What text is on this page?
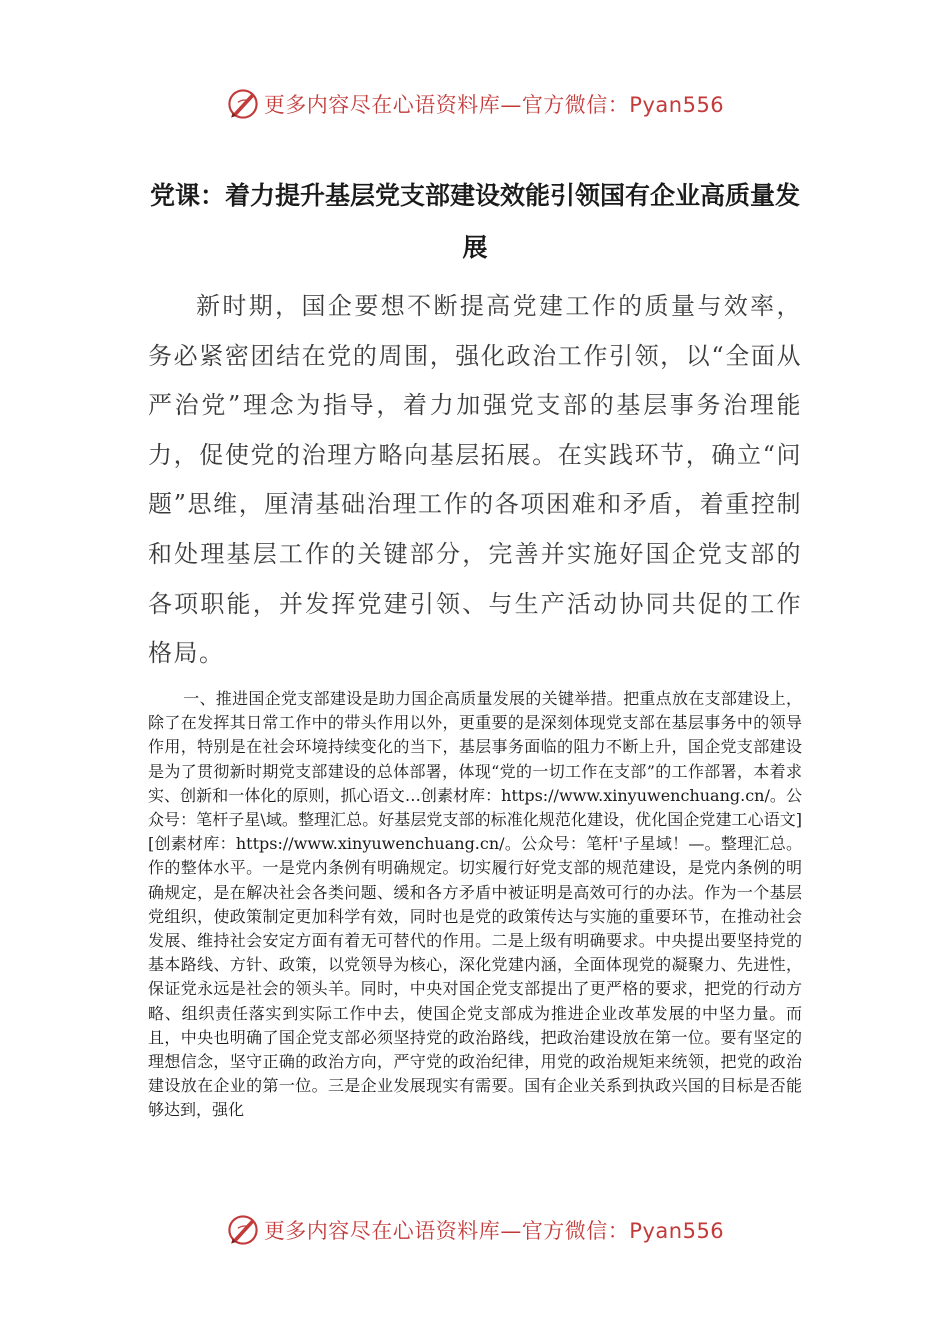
更多内容尽在心语资料库—官方微信：Pyan556
党课：着力提升基层党支部建设效能引领国有企业高质量发展

新时期，国企要想不断提高党建工作的质量与效率，务必紧密团结在党的周围，强化政治工作引领，以“全面从严治党”理念为指导，着力加强党支部的基层事务治理能力，促使党的治理方略向基层拓展。在实践环节，确立“问题”思维，厘清基础治理工作的各项困难和矛盾，着重控制和处理基层工作的关键部分，完善并实施好国企党支部的各项职能，并发挥党建引领、与生产活动协同共促的工作格局。

一、推进国企党支部建设是助力国企高质量发展的关键举措。把重点放在支部建设上，除了在发挥其日常工作中的带头作用以外，更重要的是深刻体现党支部在基层事务中的领导作用，特别是在社会环境持续变化的当下，基层事务面临的阻力不断上升，国企党支部建设是为了贯彻新时期党支部建设的总体部署，体现“党的一切工作在支部”的工作部署，本着求实、创新和一体化的原则，抓心语文…创素材库：https://www.xinyuwenchuang.cn/。公众号：笔杆子星\域。整理汇总。好基层党支部的标准化规范化建设，优化国企党建工心语文][创素材库：https://www.xinyuwenchuang.cn/。公众号：笔杆'子星域！—。整理汇总。作的整体水平。一是党内条例有明确规定。切实履行好党支部的规范建设，是党内条例的明确规定，是在解决社会各类问题、缓和各方矛盾中被证明是高效可行的办法。作为一个基层党组织，使政策制定更加科学有效，同时也是党的政策传达与实施的重要环节，在推动社会发展、维持社会安定方面有着无可替代的作用。二是上级有明确要求。中央提出要坚持党的基本路线、方针、政策，以党领导为核心，深化党建内涵，全面体现党的凝聚力、先进性，保证党永远是社会的领头羊。同时，中央对国企党支部提出了更严格的要求，把党的行动方略、组织责任落实到实际工作中去，使国企党支部成为推进企业改革发展的中坚力量。而且，中央也明确了国企党支部必须坚持党的政治路线，把政治建设放在第一位。要有坚定的理想信念，坚守正确的政治方向，严守党的政治纪律，用党的政治规矩来统领，把党的政治建设放在企业的第一位。三是企业发展现实有需要。国有企业关系到执政兴国的目标是否能够达到，强化

更多内容尽在心语资料库—官方微信：Pyan556
